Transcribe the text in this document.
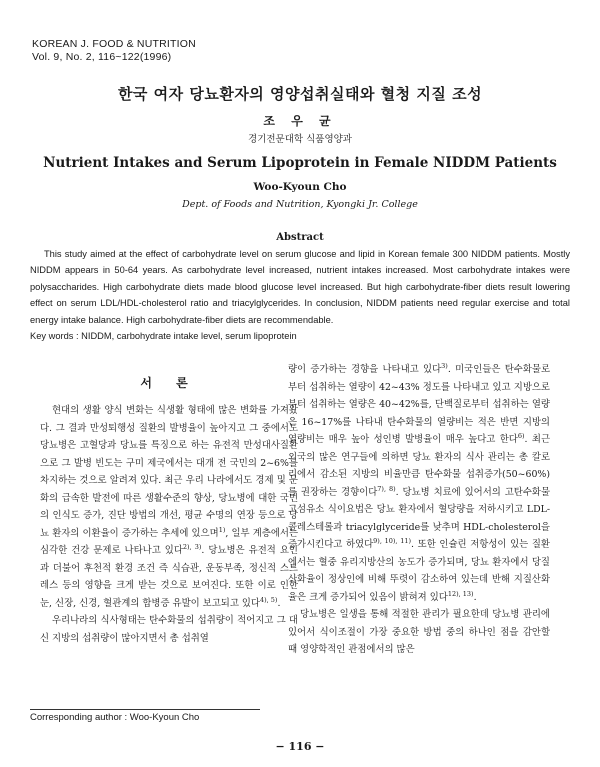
KOREAN J. FOOD & NUTRITION
Vol. 9, No. 2, 116~122(1996)
한국 여자 당뇨환자의 영양섭취실태와 혈청 지질 조성
조 우 균
경기전문대학 식품영양과
Nutrient Intakes and Serum Lipoprotein in Female NIDDM Patients
Woo-Kyoun Cho
Dept. of Foods and Nutrition, Kyongki Jr. College
Abstract

This study aimed at the effect of carbohydrate level on serum glucose and lipid in Korean female 300 NIDDM patients. Mostly NIDDM appears in 50-64 years. As carbohydrate level increased, nutrient intakes increased. Most carbohydrate intakes were polysaccharides. High carbohydrate diets made blood glucose level increased. But high carbohydrate-fiber diets result lowering effect on serum LDL/HDL-cholesterol ratio and triacylglycerides. In conclusion, NIDDM patients need regular exercise and total energy intake balance. High carbohydrate-fiber diets are recommendable.

Key words : NIDDM, carbohydrate intake level, serum lipoprotein

서 론

현대의 생활 양식 변화는 식생활 형태에 많은 변화를 가져왔다. 그 결과 만성퇴행성 질환의 발병율이 높아지고 그 중에서도 당뇨병은 고혈당과 당뇨를 특징으로 하는 유전적 만성대사질환으로 그 발병 빈도는 구미 제국에서는 대개 전 국민의 2~6%를 차지하는 것으로 알려져 있다. 최근 우리 나라에서도 경제 및 문화의 급속한 발전에 따른 생활수준의 향상, 당뇨병에 대한 국민의 인식도 증가, 진단 방법의 개선, 평균 수명의 연장 등으로 당뇨 환자의 이환율이 증가하는 추세에 있으며$^{1)}$, 일부 계층에서는 심각한 건강 문제로 나타나고 있다$^{2), 3)}$. 당뇨병은 유전적 요인과 더불어 후천적 환경 조건 즉 식습관, 운동부족, 정신적 스트레스 등의 영향을 크게 받는 것으로 보여진다. 또한 이로 인한 눈, 신장, 신경, 혈관계의 합병증 유발이 보고되고 있다$^{4), 5)}$.

우리나라의 식사형태는 탄수화물의 섭취량이 적어지고 그 대신 지방의 섭취량이 많아지면서 총 섭취열

량이 증가하는 경향을 나타내고 있다$^{3)}$. 미국인들은 탄수화물로부터 섭취하는 열량이 42~43% 정도를 나타내고 있고 지방으로부터 섭취하는 열량은 40~42%를, 단백질로부터 섭취하는 열량은 16~17%를 나타내 탄수화물의 열량비는 적은 반면 지방의 열량비는 매우 높아 성인병 발병율이 매우 높다고 한다$^{6)}$. 최근 외국의 많은 연구들에 의하면 당뇨 환자의 식사 관리는 총 칼로리에서 감소된 지방의 비율만큼 탄수화물 섭취증가(50~60%)를 권장하는 경향이다$^{7), 8)}$. 당뇨병 치료에 있어서의 고탄수화물 고섬유소 식이요법은 당뇨 환자에서 혈당량을 저하시키고 LDL-콜레스테롤과 triacylglyceride를 낮추며 HDL-cholesterol을 증가시킨다고 하였다$^{9), 10), 11)}$. 또한 인슐린 저항성이 있는 질환에서는 혈중 유리지방산의 농도가 증가되며, 당뇨 환자에서 당질 산화율이 정상인에 비해 뚜렷이 감소하여 있는데 반해 지질산화율은 크게 증가되어 있음이 밝혀져 있다$^{12), 13)}$.

당뇨병은 일생을 통해 적절한 관리가 필요한데 당뇨병 관리에 있어서 식이조절이 가장 중요한 방법 중의 하나인 점을 감안할 때 영양학적인 관점에서의 많은

Corresponding author : Woo-Kyoun Cho
− 116 −
